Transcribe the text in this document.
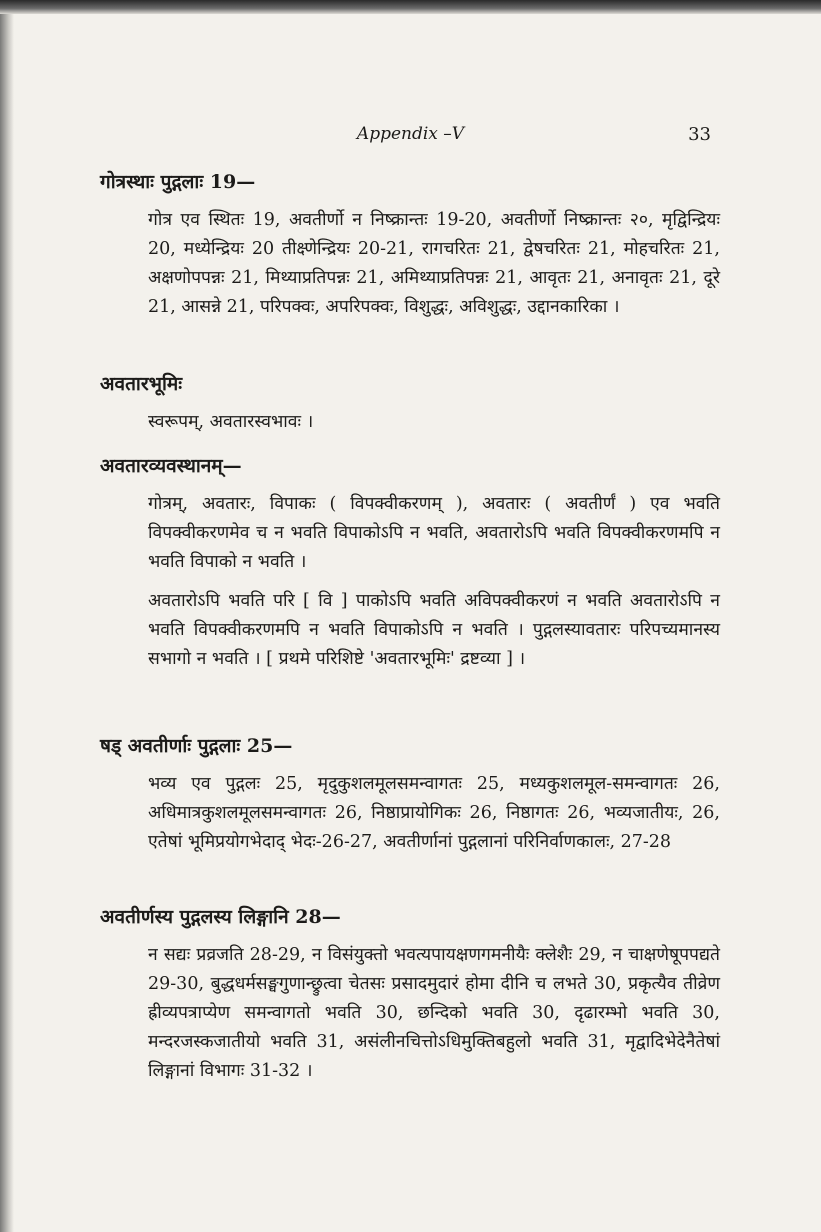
Appendix –V	33
गोत्रस्थाः पुद्गलाः 19—

गोत्र एव स्थितः 19, अवतीर्णो न निष्क्रान्तः 19-20, अवतीर्णो निष्क्रान्तः २०, मृद्विन्द्रियः 20, मध्येन्द्रियः 20 तीक्ष्णेन्द्रियः 20-21, रागचरितः 21, द्वेषचरितः 21, मोहचरितः 21, अक्षणोपपन्नः 21, मिथ्याप्रतिपन्नः 21, अमिथ्याप्रतिपन्नः 21, आवृतः 21, अनावृतः 21, दूरे 21, आसन्ने 21, परिपक्वः, अपरिपक्वः, विशुद्धः, अविशुद्धः, उद्दानकारिका ।

अवतारभूमिः

स्वरूपम्, अवतारस्वभावः ।

अवतारव्यवस्थानम्—

गोत्रम्, अवतारः, विपाकः ( विपक्वीकरणम् ), अवतारः ( अवतीर्णं ) एव भवति विपक्वीकरणमेव च न भवति विपाकोऽपि न भवति, अवतारोऽपि भवति विपक्वीकरणमपि न भवति विपाको न भवति ।

अवतारोऽपि भवति परि [ वि ] पाकोऽपि भवति अविपक्वीकरणं न भवति अवतारोऽपि न भवति विपक्वीकरणमपि न भवति विपाकोऽपि न भवति । पुद्गलस्यावतारः परिपच्यमानस्य सभागो न भवति । [ प्रथमे परिशिष्टे 'अवतारभूमिः' द्रष्टव्या ] ।

षड् अवतीर्णाः पुद्गलाः 25—

भव्य एव पुद्गलः 25, मृदुकुशलमूलसमन्वागतः 25, मध्यकुशलमूल-समन्वागतः 26, अधिमात्रकुशलमूलसमन्वागतः 26, निष्ठाप्रायोगिकः 26, निष्ठागतः 26, भव्यजातीयः, 26, एतेषां भूमिप्रयोगभेदाद् भेदः-26-27, अवतीर्णानां पुद्गलानां परिनिर्वाणकालः, 27-28

अवतीर्णस्य पुद्गलस्य लिङ्गानि 28—

न सद्यः प्रव्रजति 28-29, न विसंयुक्तो भवत्यपायक्षणगमनीयैः क्लेशैः 29, न चाक्षणेषूपपद्यते 29-30, बुद्धधर्मसङ्घगुणान्छ्रुत्वा चेतसः प्रसादमुदारं होमा दीनि च लभते 30, प्रकृत्यैव तीव्रेण ह्रीव्यपत्राप्येण समन्वागतो भवति 30, छन्दिको भवति 30, दृढारम्भो भवति 30, मन्दरजस्कजातीयो भवति 31, असंलीनचित्तोऽधिमुक्तिबहुलो भवति 31, मृद्वादिभेदेनैतेषां लिङ्गानां विभागः 31-32 ।
